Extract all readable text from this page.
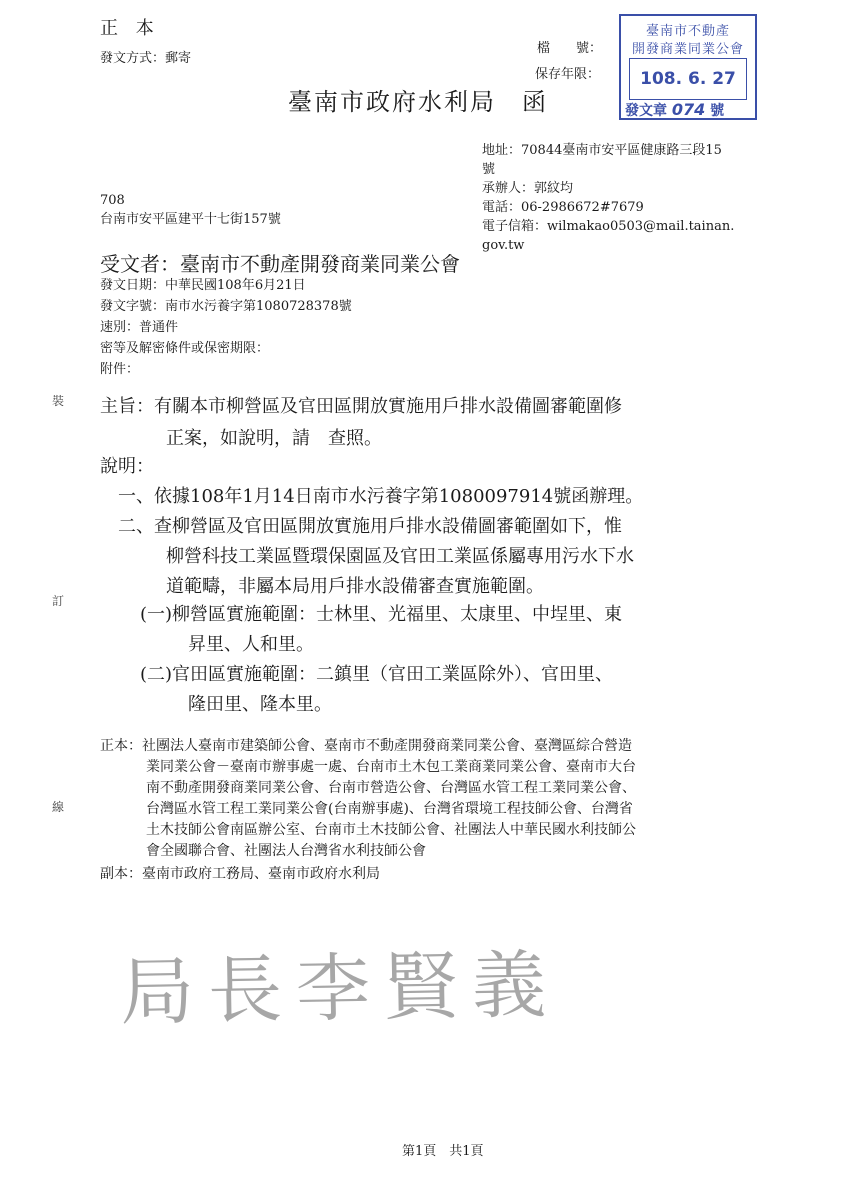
正 本
發文方式：郵寄
檔　　號：
保存年限：
臺南市政府水利局　函
臺南市不動產
開發商業同業公會
108. 6. 27
發文章 074 號
地址：70844臺南市安平區健康路三段15
號
承辦人：郭紋均
電話：06-2986672#7679
電子信箱：wilmakao0503@mail.tainan.
gov.tw
708
台南市安平區建平十七街157號
受文者：臺南市不動產開發商業同業公會
發文日期：中華民國108年6月21日
發文字號：南市水污養字第1080728378號
速別：普通件
密等及解密條件或保密期限：
附件：
裝
訂
線
主旨：有關本市柳營區及官田區開放實施用戶排水設備圖審範圍修
正案，如說明，請　查照。
說明：
一、依據108年1月14日南市水污養字第1080097914號函辦理。
二、查柳營區及官田區開放實施用戶排水設備圖審範圍如下，惟
柳營科技工業區暨環保園區及官田工業區係屬專用污水下水
道範疇，非屬本局用戶排水設備審查實施範圍。
(一)柳營區實施範圍：士林里、光福里、太康里、中埕里、東
昇里、人和里。
(二)官田區實施範圍：二鎮里（官田工業區除外）、官田里、
隆田里、隆本里。
正本：社團法人臺南市建築師公會、臺南市不動產開發商業同業公會、臺灣區綜合營造
業同業公會－臺南市辦事處一處、台南市土木包工業商業同業公會、臺南市大台
南不動產開發商業同業公會、台南市營造公會、台灣區水管工程工業同業公會、
台灣區水管工程工業同業公會(台南辦事處)、台灣省環境工程技師公會、台灣省
土木技師公會南區辦公室、台南市土木技師公會、社團法人中華民國水利技師公
會全國聯合會、社團法人台灣省水利技師公會
副本：臺南市政府工務局、臺南市政府水利局
局長李賢義
第1頁　共1頁
